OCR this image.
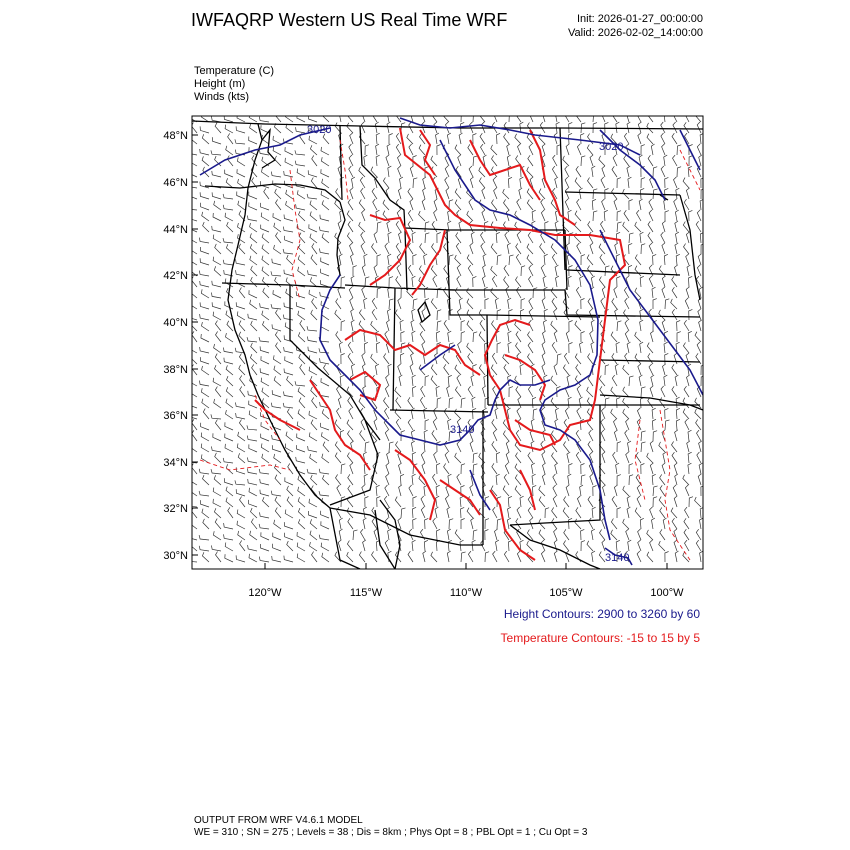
IWFAQRP Western US Real Time WRF	Init: 2026-01-27_00:00:00
Valid: 2026-02-02_14:00:00
Temperature (C)
Height (m)
Winds (kts)
3020
3020
3140
3140
48°N
46°N
44°N
42°N
40°N
38°N
36°N
34°N
32°N
30°N
120°W	115°W	110°W	105°W	100°W
Height Contours: 2900 to 3260 by 60
Temperature Contours: -15 to 15 by 5
OUTPUT FROM WRF V4.6.1 MODEL
WE = 310 ; SN = 275 ; Levels = 38 ; Dis = 8km ; Phys Opt = 8 ; PBL Opt = 1 ; Cu Opt = 3
